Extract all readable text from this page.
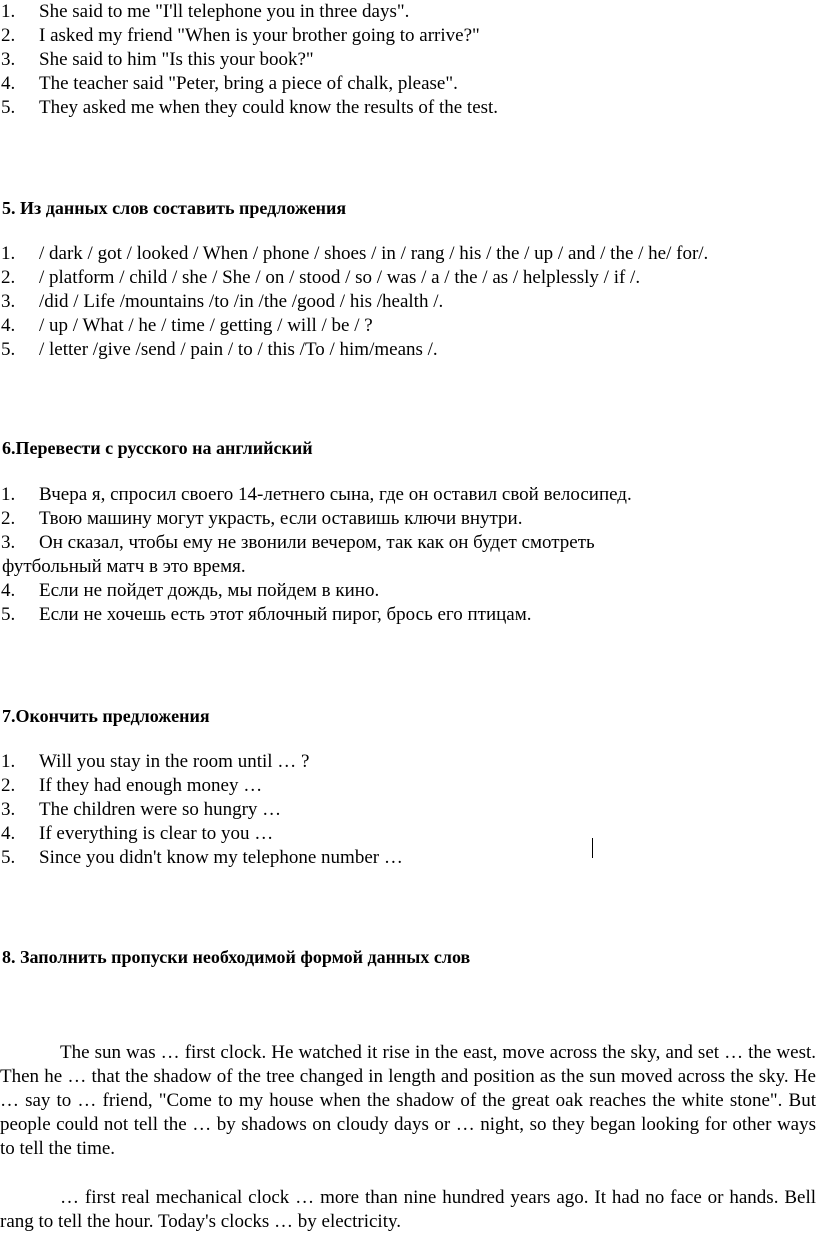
1. She said to me "I'll telephone you in three days".
2. I asked my friend "When is your brother going to arrive?"
3. She said to him "Is this your book?"
4. The teacher said "Peter, bring a piece of chalk, please".
5. They asked me when they could know the results of the test.
5. Из данных слов составить предложения
1. / dark / got / looked / When / phone / shoes / in / rang / his / the / up / and / the / he/ for/.
2. / platform / child / she / She / on / stood / so / was / a / the / as / helplessly / if /.
3. /did / Life /mountains /to /in /the /good / his /health /.
4. / up / What / he / time / getting / will / be / ?
5. / letter /give /send / pain / to / this /To / him/means /.
6.Перевести с русского на английский
1. Вчера я, спросил своего 14-летнего сына, где он оставил свой велосипед.
2. Твою машину могут украсть, если оставишь ключи внутри.
3. Он сказал, чтобы ему не звонили вечером, так как он будет смотреть
футбольный матч в это время.
4. Если не пойдет дождь, мы пойдем в кино.
5. Если не хочешь есть этот яблочный пирог, брось его птицам.
7.Окончить предложения
1. Will you stay in the room until … ?
2. If they had enough money …
3. The children were so hungry …
4. If everything is clear to you …
5. Since you didn't know my telephone number …
8. Заполнить пропуски необходимой формой данных слов
The sun was … first clock. He watched it rise in the east, move across the sky, and set … the west. Then he … that the shadow of the tree changed in length and position as the sun moved across the sky. He … say to … friend, "Come to my house when the shadow of the great oak reaches the white stone". But people could not tell the … by shadows on cloudy days or … night, so they began looking for other ways to tell the time.
… first real mechanical clock … more than nine hundred years ago. It had no face or hands. Bell rang to tell the hour. Today's clocks … by electricity.
